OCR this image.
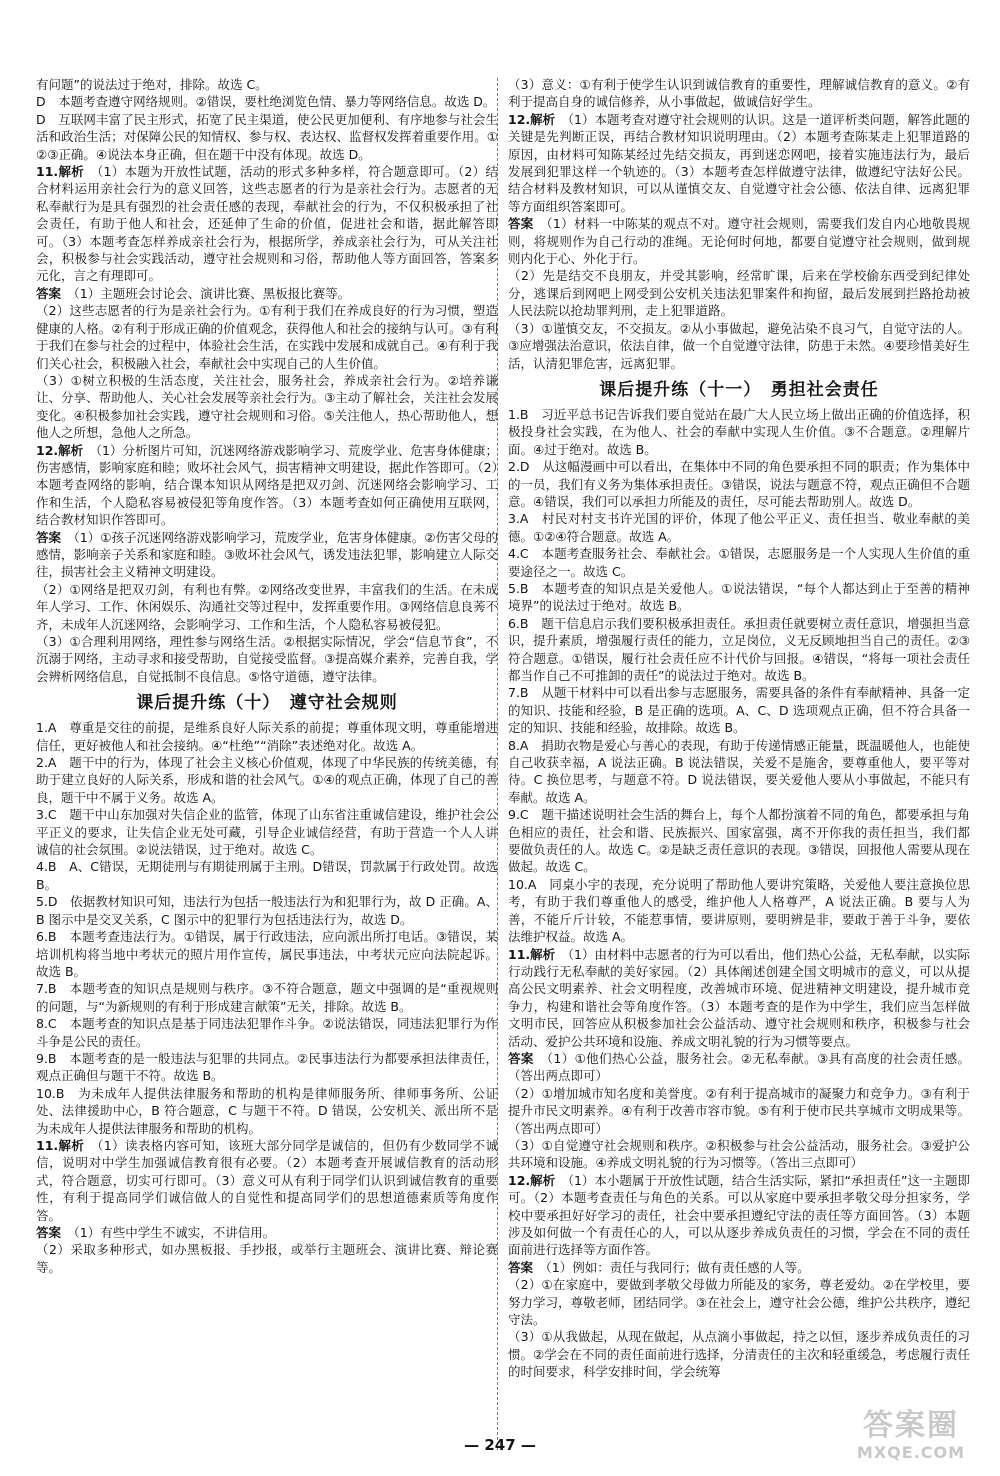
有问题”的说法过于绝对，排除。故选 C。

D　本题考查遵守网络规则。②错误，要杜绝浏览色情、暴力等网络信息。故选 D。

D　互联网丰富了民主形式，拓宽了民主渠道，使公民更加便利、有序地参与社会生活和政治生活；对保障公民的知情权、参与权、表达权、监督权发挥着重要作用。①②③正确。④说法本身正确，但在题干中没有体现。故选 D。

11.解析　 （1）本题为开放性试题，活动的形式多种多样，符合题意即可。（2）结合材料运用亲社会行为的意义回答，这些志愿者的行为是亲社会行为。志愿者的无私奉献行为是具有强烈的社会责任感的表现，奉献社会的行为，不仅积极承担了社会责任，有助于他人和社会，还延伸了生命的价值，促进社会和谐，据此解答即可。（3）本题考查怎样养成亲社会行为，根据所学，养成亲社会行为，可从关注社会，积极参与社会实践活动，遵守社会规则和习俗，帮助他人等方面回答，答案多元化，言之有理即可。

答案　 （1）主题班会讨论会、演讲比赛、黑板报比赛等。

（2）这些志愿者的行为是亲社会行为。①有利于我们在养成良好的行为习惯，塑造健康的人格。②有利于形成正确的价值观念，获得他人和社会的接纳与认可。③有利于我们在参与社会的过程中，体验社会生活，在实践中发展和成就自己。④有利于我们关心社会，积极融入社会，奉献社会中实现自己的人生价值。

（3）①树立积极的生活态度，关注社会，服务社会，养成亲社会行为。②培养谦让、分享、帮助他人、关心社会发展等亲社会行为。③主动了解社会，关注社会发展变化。④积极参加社会实践，遵守社会规则和习俗。⑤关注他人，热心帮助他人，想他人之所想，急他人之所急。

12.解析　 （1）分析图片可知，沉迷网络游戏影响学习、荒废学业、危害身体健康；伤害感情，影响家庭和睦；败坏社会风气，损害精神文明建设，据此作答即可。（2）本题考查网络的影响，结合课本知识从网络是把双刃剑、沉迷网络会影响学习、工作和生活，个人隐私容易被侵犯等角度作答。（3）本题考查如何正确使用互联网，结合教材知识作答即可。

答案　 （1）①孩子沉迷网络游戏影响学习，荒废学业，危害身体健康。②伤害父母的感情，影响亲子关系和家庭和睦。③败坏社会风气，诱发违法犯罪，影响建立人际交往，损害社会主义精神文明建设。

（2）①网络是把双刃剑，有利也有弊。②网络改变世界，丰富我们的生活。在未成年人学习、工作、休闲娱乐、沟通社交等过程中，发挥重要作用。③网络信息良莠不齐，未成年人沉迷网络，会影响学习、工作和生活，个人隐私容易被侵犯。

（3）①合理利用网络，理性参与网络生活。②根据实际情况，学会“信息节食”，不沉溺于网络，主动寻求和接受帮助，自觉接受监督。③提高媒介素养，完善自我，学会辨析网络信息，自觉抵制不良信息。⑤恪守道德，遵守法律。

课后提升练（十）　遵守社会规则

1.A　尊重是交往的前提，是维系良好人际关系的前提；尊重体现文明，尊重能增进信任，更好被他人和社会接纳。④“杜绝”“消除”表述绝对化。故选 A。

2.A　题干中的行为，体现了社会主义核心价值观，体现了中华民族的传统美德，有助于建立良好的人际关系，形成和谐的社会风气。①④的观点正确，体现了自己的善良，题干中不属于义务。故选 A。

3.C　题干中山东加强对失信企业的监管，体现了山东省注重诚信建设，维护社会公平正义的要求，让失信企业无处可藏，引导企业诚信经营，有助于营造一个人人讲诚信的社会氛围。②说法错误，过于绝对。故选 C。

4.B　A、C错误，无期徒刑与有期徒刑属于主刑。D错误，罚款属于行政处罚。故选 B。

5.D　依据教材知识可知，违法行为包括一般违法行为和犯罪行为，故 D 正确。A、B 图示中是交叉关系，C 图示中的犯罪行为包括违法行为，故选 D。

6.B　本题考查违法行为。①错误，属于行政违法，应向派出所打电话。③错误，某培训机构将当地中考状元的照片用作宣传，属民事违法，中考状元应向法院起诉。故选 B。

7.B　本题考查的知识点是规则与秩序。③不符合题意，题文中强调的是“重视规则的问题，与“为新规则的有利于形成建言献策”无关，排除。故选 B。

8.C　本题考查的知识点是基于同违法犯罪作斗争。②说法错误，同违法犯罪行为作斗争是公民的责任。

9.B　本题考查的是一般违法与犯罪的共同点。②民事违法行为都要承担法律责任，观点正确但与题干不符。故选 B。

10.B　为未成年人提供法律服务和帮助的机构是律师服务所、律师事务所、公证处、法律援助中心，B 符合题意，C 与题干不符。D 错误，公安机关、派出所不是为未成年人提供法律服务和帮助的机构。

11.解析　 （1）读表格内容可知，该班大部分同学是诚信的，但仍有少数同学不诚信，说明对中学生加强诚信教育很有必要。（2）本题考查开展诚信教育的活动形式，符合题意，切实可行即可。（3）意义可从有利于同学们认识到诚信教育的重要性，有利于提高同学们诚信做人的自觉性和提高同学们的思想道德素质等角度作答。

答案　 （1）有些中学生不诚实，不讲信用。

（2）采取多种形式，如办黑板报、手抄报，或举行主题班会、演讲比赛、辩论赛等。

（3）意义：①有利于使学生认识到诚信教育的重要性，理解诚信教育的意义。②有利于提高自身的诚信修养，从小事做起，做诚信好学生。

12.解析　 （1）本题考查对遵守社会规则的认识。这是一道评析类问题，解答此题的关键是先判断正误，再结合教材知识说明理由。（2）本题考查陈某走上犯罪道路的原因，由材料可知陈某经过先结交损友，再到迷恋网吧，接着实施违法行为，最后发展到犯罪这样一个轨迹的。（3）本题考查怎样做遵守法律，做遵纪守法好公民。结合材料及教材知识，可以从谨慎交友、自觉遵守社会公德、依法自律、远离犯罪等方面组织答案即可。

答案　 （1）材料一中陈某的观点不对。遵守社会规则，需要我们发自内心地敬畏规则，将规则作为自己行动的准绳。无论何时何地，都要自觉遵守社会规则，做到规则内化于心、外化于行。

（2）先是结交不良朋友，并受其影响，经常旷课，后来在学校偷东西受到纪律处分，逃课后到网吧上网受到公安机关违法犯罪案件和拘留，最后发展到拦路抢劫被人民法院以抢劫罪判刑，走上犯罪道路。

（3）①谨慎交友，不交损友。②从小事做起，避免沾染不良习气，自觉守法的人。③应增强法治意识，依法自律，做一个自觉遵守法律，防患于未然。④要珍惜美好生活，认清犯罪危害，远离犯罪。

课后提升练（十一）　勇担社会责任

1.B　习近平总书记告诉我们要自觉站在最广大人民立场上做出正确的价值选择，积极投身社会实践，在为他人、社会的奉献中实现人生价值。③不合题意。②理解片面。④过于绝对。故选 B。

2.D　从这幅漫画中可以看出，在集体中不同的角色要承担不同的职责；作为集体中的一员，我们有义务为集体承担责任。③错误，说法与题意不符，观点正确但不合题意。④错误，我们可以承担力所能及的责任，尽可能去帮助别人。故选 D。

3.A　村民对村支书许光国的评价，体现了他公平正义、责任担当、敬业奉献的美德。①②④符合题意。故选 A。

4.C　本题考查服务社会、奉献社会。①错误，志愿服务是一个人实现人生价值的重要途径之一。故选 C。

5.B　本题考查的知识点是关爱他人。①说法错误，“每个人都达到止于至善的精神境界”的说法过于绝对。故选 B。

6.B　题干信息启示我们要积极承担责任。承担责任就要树立责任意识，增强担当意识，提升素质，增强履行责任的能力，立足岗位，义无反顾地担当自己的责任。②③符合题意。①错误，履行社会责任应不计代价与回报。④错误，“将每一项社会责任都当作自己不可推卸的责任”的说法过于绝对。故选 B。

7.B　从题干材料中可以看出参与志愿服务，需要具备的条件有奉献精神、具备一定的知识、技能和经验，B 是正确的选项。A、C、D 选项观点正确，但不符合具备一定的知识、技能和经验，故排除。故选 B。

8.A　捐助衣物是爱心与善心的表现，有助于传递情感正能量，既温暖他人，也能使自己收获幸福，A 说法正确。B 说法错误，关爱不是施舍，要尊重他人，要平等对待。C 换位思考，与题意不符。D 说法错误，要关爱他人要从小事做起，不能只有奉献。故选 A。

9.C　题干描述说明社会生活的舞台上，每个人都扮演着不同的角色，都要承担与角色相应的责任，社会和谐、民族振兴、国家富强，离不开你我的责任担当，我们都要做负责任的人。故选 C。②是缺乏责任意识的表现。③错误，回报他人需要从现在做起。故选 C。

10.A　同桌小宇的表现，充分说明了帮助他人要讲究策略，关爱他人要注意换位思考，有助于我们尊重他人的感受，维护他人人格尊严，A 说法正确。B 要与人为善，不能斤斤计较，不能惹事情，要讲原则，要明辨是非，要敢于善于斗争，要依法维护权益。故选 A。

11.解析　 （1）由材料中志愿者的行为可以看出，他们热心公益，无私奉献，以实际行动践行无私奉献的美好家园。（2）具体阐述创建全国文明城市的意义，可以从提高公民文明素养、社会文明程度，改善城市环境、促进精神文明建设，提升城市竞争力，构建和谐社会等角度作答。（3）本题考查的是作为中学生，我们应当怎样做文明市民，回答应从积极参加社会公益活动、遵守社会规则和秩序，积极参与社会活动、爱护公共环境和设施、养成文明礼貌的行为习惯等要点。

答案　 （1）①他们热心公益，服务社会。②无私奉献。③具有高度的社会责任感。（答出两点即可）

（2）①增加城市知名度和美誉度。②有利于提高城市的凝聚力和竞争力。③有利于提升市民文明素养。④有利于改善市容市貌。⑤有利于使市民共享城市文明成果等。（答出两点即可）

（3）①自觉遵守社会规则和秩序。②积极参与社会公益活动，服务社会。③爱护公共环境和设施。④养成文明礼貌的行为习惯等。（答出三点即可）

12.解析　 （1）本小题属于开放性试题，结合生活实际，紧扣“承担责任”这一主题即可。（2）本题考查责任与角色的关系。可以从家庭中要承担孝敬父母分担家务，学校中要承担好好学习的责任，社会中要承担遵纪守法的责任等方面回答。（3）本题涉及如何做一个有责任心的人，可以从逐步养成负责任的习惯，学会在不同的责任面前进行选择等方面作答。

答案　 （1）例如：责任与我同行；做有责任感的人等。

（2）①在家庭中，要做到孝敬父母做力所能及的家务，尊老爱幼。②在学校里，要努力学习，尊敬老师，团结同学。③在社会上，遵守社会公德，维护公共秩序，遵纪守法。

（3）①从我做起，从现在做起，从点滴小事做起，持之以恒，逐步养成负责任的习惯。②学会在不同的责任面前进行选择，分清责任的主次和轻重缓急，考虑履行责任的时间要求，科学安排时间，学会统筹

— 247 —
答案圈
MXQE.COM
